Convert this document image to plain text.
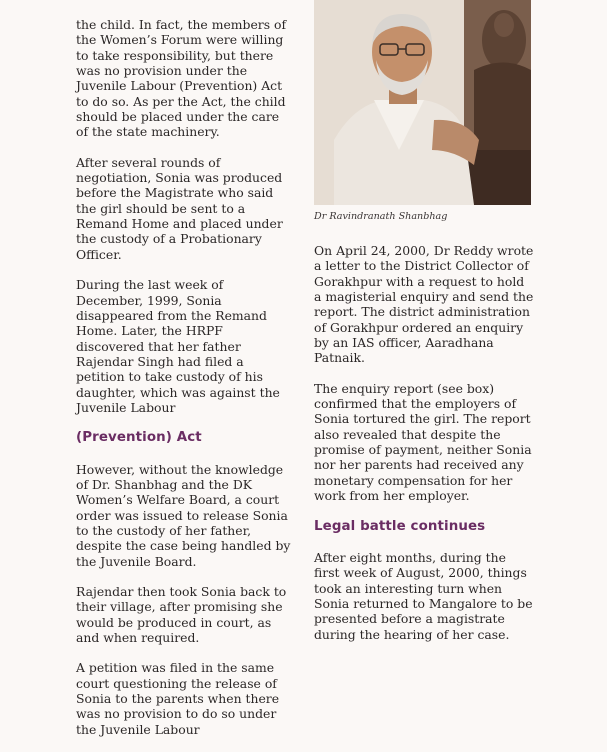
the child. In fact, the members of the Women’s Forum were willing to take responsibility, but there was no provision under the Juvenile Labour (Prevention) Act to do so. As per the Act, the child should be placed under the care of the state machinery.

After several rounds of negotiation, Sonia was produced before the Magistrate who said the girl should be sent to a Remand Home and placed under the custody of a Probationary Officer.

During the last week of December, 1999, Sonia disappeared from the Remand Home. Later, the HRPF discovered that her father Rajendar Singh had filed a petition to take custody of his daughter, which was against the Juvenile Labour

(Prevention) Act

However, without the knowledge of Dr. Shanbhag and the DK Women’s Welfare Board, a court order was issued to release Sonia to the custody of her father, despite the case being handled by the Juvenile Board.

Rajendar then took Sonia back to their village, after promising she would be produced in court, as and when required.

A petition was filed in the same court questioning the release of Sonia to the parents when there was no provision to do so under the Juvenile Labour

Dr Ravindranath Shanbhag

On April 24, 2000, Dr Reddy wrote a letter to the District Collector of Gorakhpur with a request to hold a magisterial enquiry and send the report. The district administration of Gorakhpur ordered an enquiry by an IAS officer, Aaradhana Patnaik.

The enquiry report (see box) confirmed that the employers of Sonia tortured the girl. The report also revealed that despite the promise of payment, neither Sonia nor her parents had received any monetary compensation for her work from her employer.

Legal battle continues

After eight months, during the first week of August, 2000, things took an interesting turn when Sonia returned to Mangalore to be presented before a magistrate during the hearing of her case.
